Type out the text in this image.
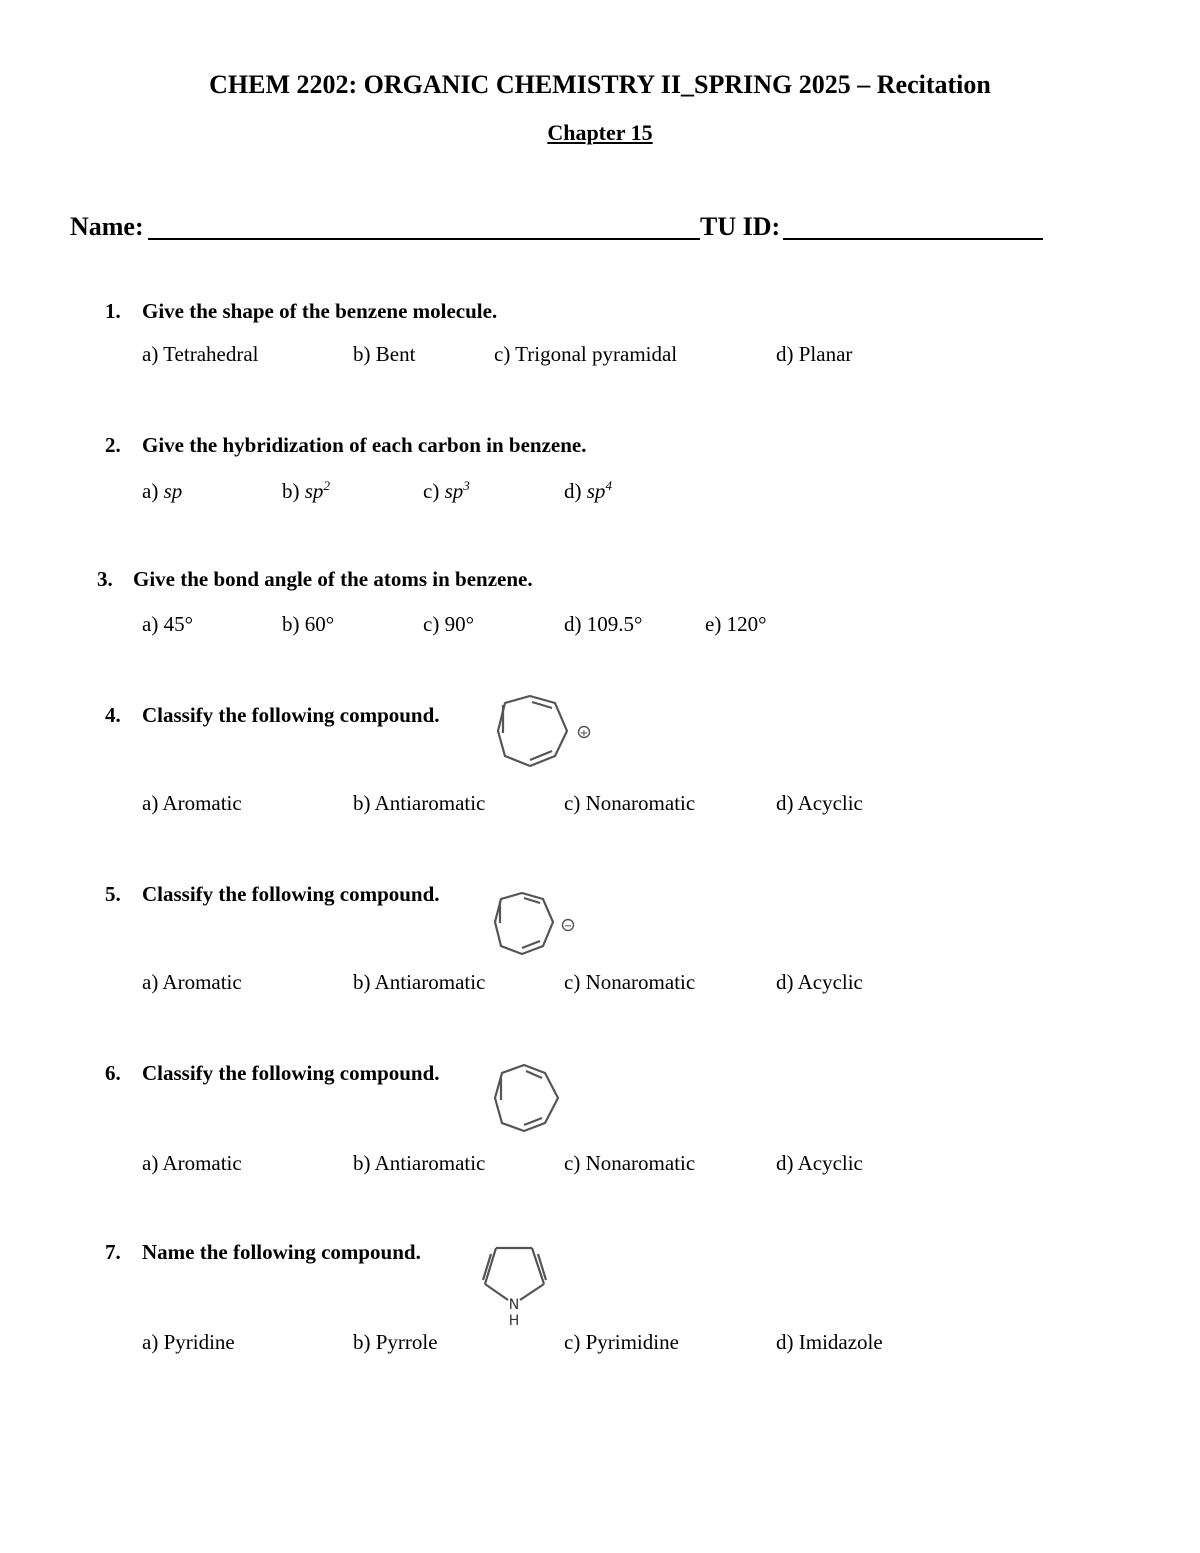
CHEM 2202: ORGANIC CHEMISTRY II_SPRING 2025 – Recitation
Chapter 15
Name:	TU ID:
1. Give the shape of the benzene molecule.
a) Tetrahedral	b) Bent	c) Trigonal pyramidal	d) Planar
2. Give the hybridization of each carbon in benzene.
a) sp	b) $sp^2$	c) $sp^3$	d) $sp^4$
3. Give the bond angle of the atoms in benzene.
a) 45°	b) 60°	c) 90°	d) 109.5°	e) 120°
4. Classify the following compound.
+
a) Aromatic	b) Antiaromatic	c) Nonaromatic	d) Acyclic
5. Classify the following compound.
−
a) Aromatic	b) Antiaromatic	c) Nonaromatic	d) Acyclic
6. Classify the following compound.
a) Aromatic	b) Antiaromatic	c) Nonaromatic	d) Acyclic
7. Name the following compound.
N
H
a) Pyridine	b) Pyrrole	c) Pyrimidine	d) Imidazole
